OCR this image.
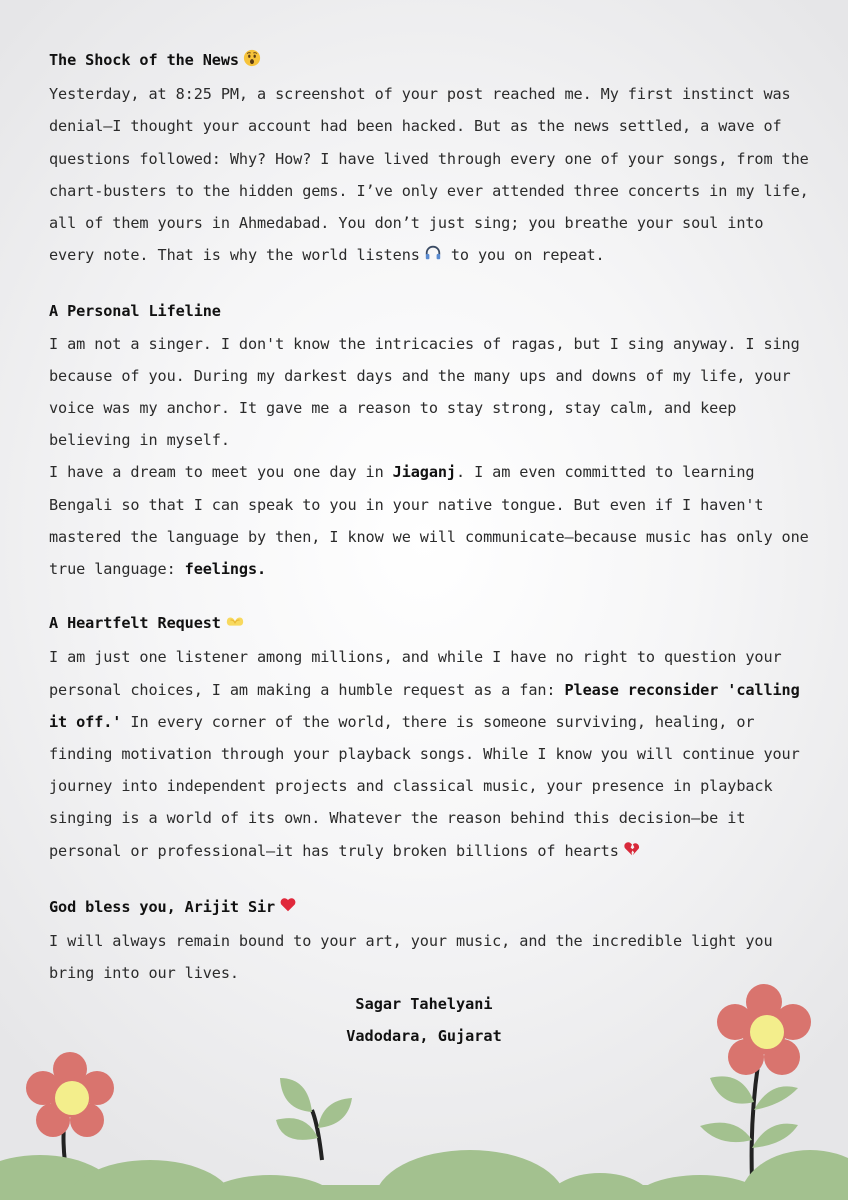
The Shock of the News

Yesterday, at 8:25 PM, a screenshot of your post reached me. My first instinct was denial—I thought your account had been hacked. But as the news settled, a wave of questions followed: Why? How? I have lived through every one of your songs, from the chart-busters to the hidden gems. I’ve only ever attended three concerts in my life, all of them yours in Ahmedabad. You don’t just sing; you breathe your soul into every note. That is why the world listens to you on repeat.

A Personal Lifeline

I am not a singer. I don't know the intricacies of ragas, but I sing anyway. I sing because of you. During my darkest days and the many ups and downs of my life, your voice was my anchor. It gave me a reason to stay strong, stay calm, and keep believing in myself.

I have a dream to meet you one day in Jiaganj. I am even committed to learning Bengali so that I can speak to you in your native tongue. But even if I haven't mastered the language by then, I know we will communicate—because music has only one true language: feelings.

A Heartfelt Request

I am just one listener among millions, and while I have no right to question your personal choices, I am making a humble request as a fan: Please reconsider 'calling it off.' In every corner of the world, there is someone surviving, healing, or finding motivation through your playback songs. While I know you will continue your journey into independent projects and classical music, your presence in playback singing is a world of its own. Whatever the reason behind this decision—be it personal or professional—it has truly broken billions of hearts

God bless you, Arijit Sir

I will always remain bound to your art, your music, and the incredible light you bring into our lives.

Sagar Tahelyani
Vadodara, Gujarat
